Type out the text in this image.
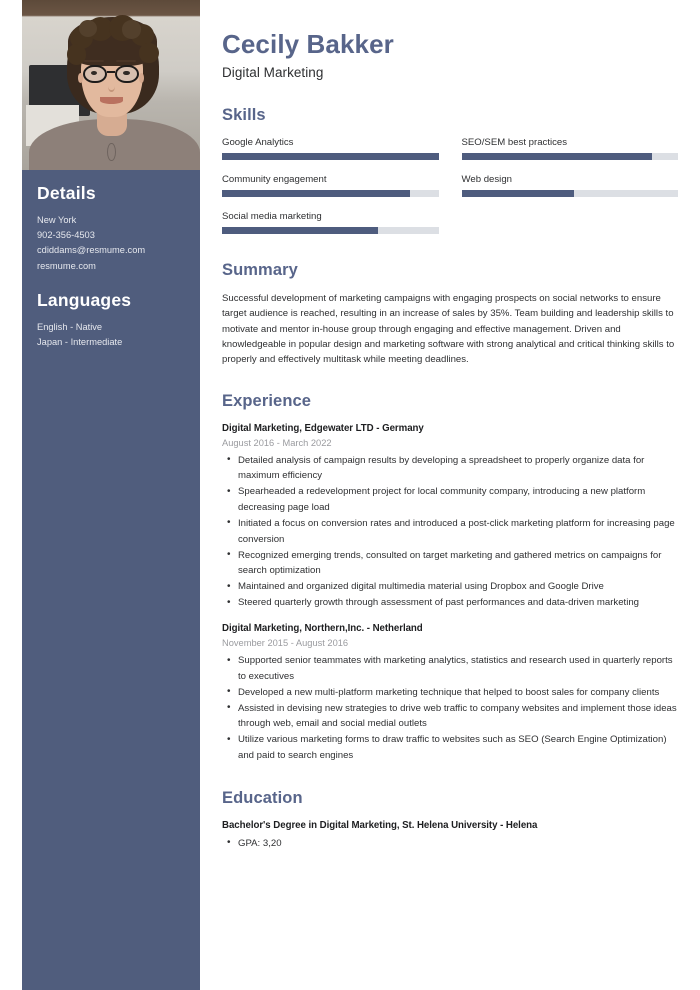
Details
New York
902-356-4503
cdiddams@resmume.com
resmume.com
Languages
English - Native
Japan - Intermediate
Cecily Bakker
Digital Marketing
Skills
Google Analytics	SEO/SEM best practices
Community engagement	Web design
Social media marketing
Summary
Successful development of marketing campaigns with engaging prospects on social networks to ensure target audience is reached, resulting in an increase of sales by 35%. Team building and leadership skills to motivate and mentor in-house group through engaging and effective management. Driven and knowledgeable in popular design and marketing software with strong analytical and critical thinking skills to properly and effectively multitask while meeting deadlines.
Experience
Digital Marketing, Edgewater LTD - Germany
August 2016 - March 2022
• Detailed analysis of campaign results by developing a spreadsheet to properly organize data for maximum efficiency
• Spearheaded a redevelopment project for local community company, introducing a new platform decreasing page load
• Initiated a focus on conversion rates and introduced a post-click marketing platform for increasing page conversion
• Recognized emerging trends, consulted on target marketing and gathered metrics on campaigns for search optimization
• Maintained and organized digital multimedia material using Dropbox and Google Drive
• Steered quarterly growth through assessment of past performances and data-driven marketing
Digital Marketing, Northern,Inc. - Netherland
November 2015 - August 2016
• Supported senior teammates with marketing analytics, statistics and research used in quarterly reports to executives
• Developed a new multi-platform marketing technique that helped to boost sales for company clients
• Assisted in devising new strategies to drive web traffic to company websites and implement those ideas through web, email and social medial outlets
• Utilize various marketing forms to draw traffic to websites such as SEO (Search Engine Optimization) and paid to search engines
Education
Bachelor's Degree in Digital Marketing, St. Helena University - Helena
• GPA: 3,20
